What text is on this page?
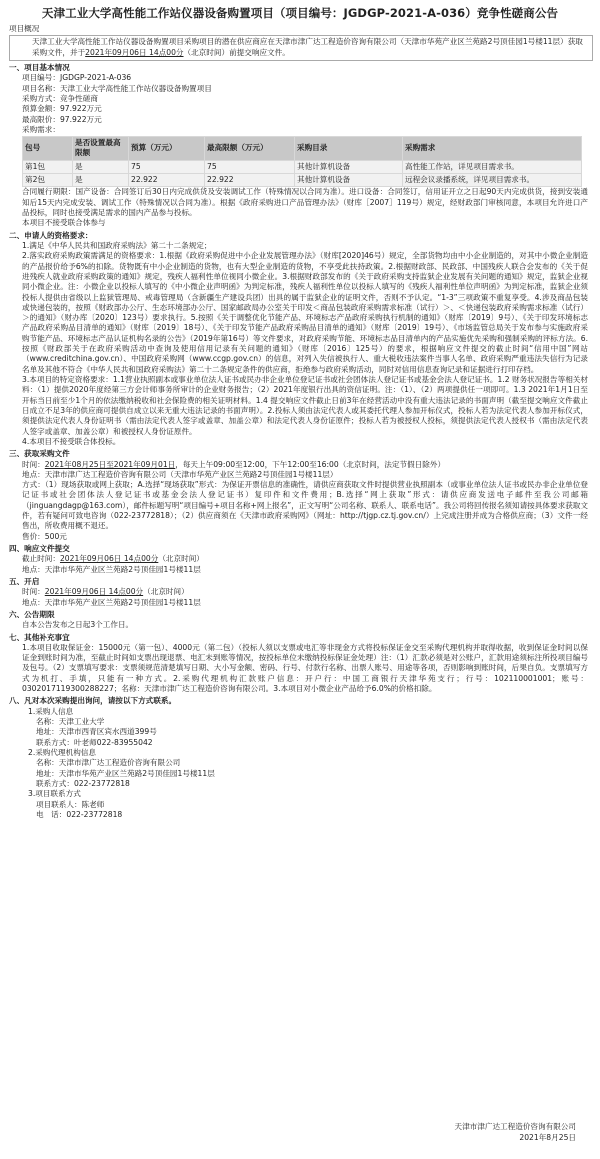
天津工业大学高性能工作站仪器设备购置项目（项目编号：JGDGP-2021-A-036）竞争性磋商公告
项目概况
天津工业大学高性能工作站仪器设备购置项目采购项目的潜在供应商应在天津市津广达工程造价咨询有限公司（天津市华苑产业区兰苑路2号顶佳园1号楼11层）获取采购文件，并于2021年09月06日 14点00分（北京时间）前提交响应文件。
一、项目基本情况
项目编号：JGDGP-2021-A-036
项目名称：天津工业大学高性能工作站仪器设备购置项目
采购方式：竞争性磋商
预算金额：97.922万元
最高限价：97.922万元
采购需求：
包号	是否设置最高限额	预算（万元）	最高限额（万元）	采购目录	采购需求
第1包	是	75	75	其他计算机设备	高性能工作站，详见项目需求书。
第2包	是	22.922	22.922	其他计算机设备	远程会议录播系统，详见项目需求书。
合同履行期限：国产设备：合同签订后30日内完成供货及安装调试工作（特殊情况以合同为准）。进口设备：合同签订，信用证开立之日起90天内完成供货，接到安装通知后15天内完成安装、调试工作（特殊情况以合同为准）。根据《政府采购进口产品管理办法》（财库［2007］119号）规定，经财政部门审核同意，本项目允许进口产品投标，同时也接受满足需求的国内产品参与投标。
本项目不接受联合体参与
二、申请人的资格要求：
1.满足《中华人民共和国政府采购法》第二十二条规定；
2.落实政府采购政策需满足的资格要求：1.根据《政府采购促进中小企业发展管理办法》（财库[2020]46号）规定，全部货物均由中小企业制造的，对其中小微企业制造的产品报价给予6%的扣除。货物既有中小企业制造的货物，也有大型企业制造的货物，不享受此扶持政策。2.根据财政部、民政部、中国残疾人联合会发布的《关于促进残疾人就业政府采购政策的通知》规定，残疾人福利性单位视同小微企业。3.根据财政部发布的《关于政府采购支持监狱企业发展有关问题的通知》规定，监狱企业视同小微企业。注：小微企业以投标人填写的《中小微企业声明函》为判定标准，残疾人福利性单位以投标人填写的《残疾人福利性单位声明函》为判定标准，监狱企业须投标人提供由省级以上监狱管理局、戒毒管理局（含新疆生产建设兵团）出具的属于监狱企业的证明文件，否则不予认定。“1-3”三项政策不重复享受。4.涉及商品包装或快递包装的，按照《财政部办公厅、生态环境部办公厅、国家邮政局办公室关于印发＜商品包装政府采购需求标准（试行）＞、＜快递包装政府采购需求标准（试行）＞的通知》（财办库〔2020〕123号）要求执行。5.按照《关于调整优化节能产品、环境标志产品政府采购执行机制的通知》（财库〔2019〕9号）、《关于印发环境标志产品政府采购品目清单的通知》（财库〔2019〕18号）、《关于印发节能产品政府采购品目清单的通知》（财库〔2019〕19号）、《市场监管总局关于发布参与实施政府采购节能产品、环境标志产品认证机构名录的公告》（2019年第16号）等文件要求，对政府采购节能、环境标志品目清单内的产品实施优先采购和强制采购的评标方法。6.按照《财政部关于在政府采购活动中查询及使用信用记录有关问题的通知》（财库〔2016〕125号）的要求，根据响应文件提交的截止时间“信用中国”网站（www.creditchina.gov.cn）、中国政府采购网（www.ccgp.gov.cn）的信息，对列入失信被执行人、重大税收违法案件当事人名单、政府采购严重违法失信行为记录名单及其他不符合《中华人民共和国政府采购法》第二十二条规定条件的供应商，拒绝参与政府采购活动，同时对信用信息查询记录和证据进行打印存档。
3.本项目的特定资格要求：1.1营业执照副本或事业单位法人证书或民办非企业单位登记证书或社会团体法人登记证书或基金会法人登记证书。1.2 财务状况报告等相关材料：（1）提供2020年度经第三方会计师事务所审计的企业财务报告；（2）2021年度银行出具的资信证明。注：（1）、（2）两项提供任一项即可。1.3 2021年1月1日至开标当日前至少1个月的依法缴纳税收和社会保险费的相关证明材料。1.4 提交响应文件截止日前3年在经营活动中没有重大违法记录的书面声明（截至提交响应文件截止日成立不足3年的供应商可提供自成立以来无重大违法记录的书面声明）。2.投标人须由法定代表人或其委托代理人参加开标仪式，投标人若为法定代表人参加开标仪式，须提供法定代表人身份证明书（需由法定代表人签字或盖章、加盖公章）和法定代表人身份证原件；投标人若为被授权人投标，须提供法定代表人授权书（需由法定代表人签字或盖章、加盖公章）和被授权人身份证原件。
4.本项目不接受联合体投标。
三、获取采购文件
时间：2021年08月25日至2021年09月01日，每天上午09:00至12:00，下午12:00至16:00（北京时间，法定节假日除外）
地点：天津市津广达工程造价咨询有限公司（天津市华苑产业区兰苑路2号顶佳园1号楼11层）
方式：（1）现场获取或网上获取；A.选择“现场获取”形式：为保证开票信息的准确性，请供应商获取文件时提供营业执照副本（或事业单位法人证书或民办非企业单位登记证书或社会团体法人登记证书或基金会法人登记证书）复印件和文件费用；B.选择“网上获取”形式：请供应商发送电子邮件至我公司邮箱（jinguangdagp@163.com），邮件标题写明“项目编号+项目名称+网上报名”，正文写明“公司名称、联系人、联系电话”。我公司将回传报名须知请按具体要求获取文件，若有疑问可致电咨询（022-23772818）；（2）供应商须在《天津市政府采购网》（网址：http://tjgp.cz.tj.gov.cn/）上完成注册并成为合格供应商；（3）文件一经售出，所收费用概不退还。
售价：500元
四、响应文件提交
截止时间：2021年09月06日 14点00分（北京时间）
地点：天津市华苑产业区兰苑路2号顶佳园1号楼11层
五、开启
时间：2021年09月06日 14点00分（北京时间）
地点：天津市华苑产业区兰苑路2号顶佳园1号楼11层
六、公告期限
自本公告发布之日起3个工作日。
七、其他补充事宜
1.本项目收取保证金：15000元（第一包）、4000元（第二包）（投标人须以支票或电汇等非现金方式将投标保证金交至采购代理机构并取得收据，收到保证金时间以保证金到账时间为准，至截止时间如支票出现退票、电汇未到账等情况，按投标单位未缴纳投标保证金处理）注：（1）汇款必须是对公账户，汇款用途须标注所投项目编号及包号。（2）支票填写要求：支票须规范清楚填写日期、大小写金额、密码、行号、付款行名称、出票人账号、用途等各项，否则影响到账时间，后果自负。支票填写方式为机打、手填，只能有一种方式。2.采购代理机构汇款账户信息：开户行：中国工商银行天津华苑支行；行号：102110001001；账号：0302017119300288227；名称：天津市津广达工程造价咨询有限公司。3.本项目对小微企业产品给予6.0%的价格扣除。
八、凡对本次采购提出询问，请按以下方式联系。
1.采购人信息
名称：天津工业大学
地址：天津市西青区宾水西道399号
联系方式：叶老师022-83955042
2.采购代理机构信息
名称：天津市津广达工程造价咨询有限公司
地址：天津市华苑产业区兰苑路2号顶佳园1号楼11层
联系方式：022-23772818
3.项目联系方式
项目联系人：陈老师
电　话：022-23772818
天津市津广达工程造价咨询有限公司
2021年8月25日
